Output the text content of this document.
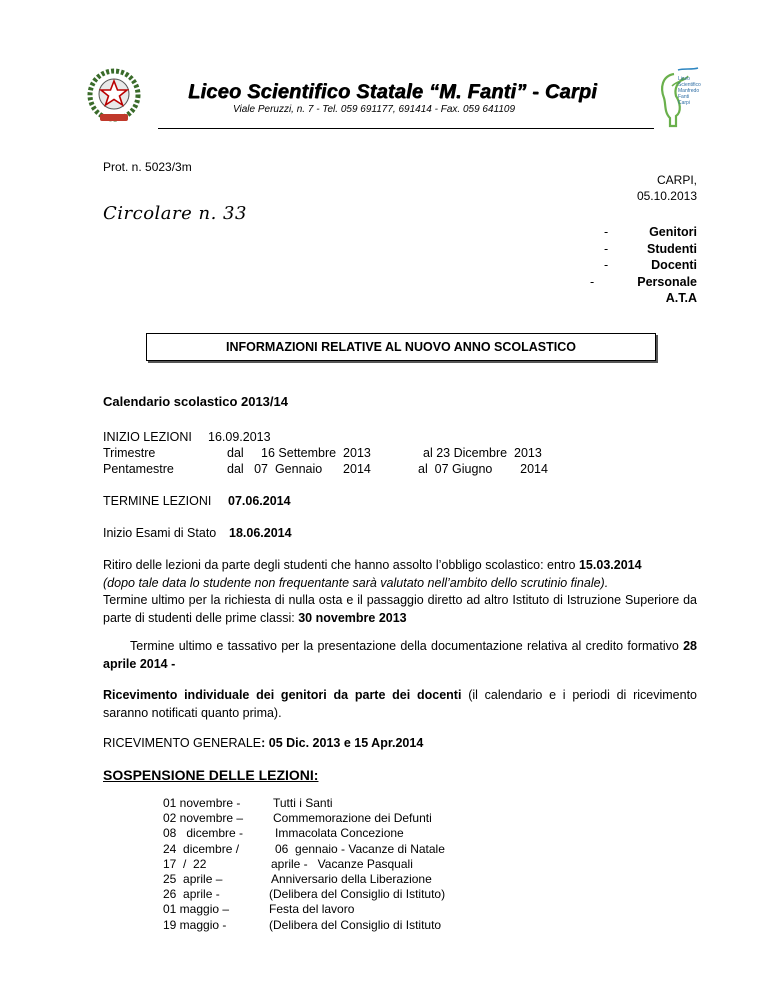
Liceo Scientifico Statale “M. Fanti” - Carpi
Viale Peruzzi, n. 7 - Tel. 059 691177, 691414 - Fax. 059 641109
Liceo
Scientifico
Manfredo
Fanti
Carpi
Prot. n. 5023/3m
CARPI,
05.10.2013
Circolare n. 33
-	Genitori
-	Studenti
-	Docenti
-	Personale
A.T.A
INFORMAZIONI RELATIVE AL NUOVO ANNO SCOLASTICO
Calendario scolastico 2013/14
INIZIO LEZIONI 16.09.2013
Trimestre	dal     16 Settembre  2013	al 23 Dicembre  2013
Pentamestre	dal   07  Gennaio      2014	al  07 Giugno        2014
TERMINE LEZIONI 07.06.2014
Inizio Esami di Stato 18.06.2014
Ritiro delle lezioni da parte degli studenti che hanno assolto l’obbligo scolastico: entro 15.03.2014
(dopo tale data lo studente non frequentante sarà valutato nell’ambito dello scrutinio finale).
Termine ultimo per la richiesta di nulla osta e il passaggio diretto ad altro Istituto di Istruzione Superiore da parte di studenti delle prime classi: 30 novembre 2013
Termine ultimo e tassativo per la presentazione della documentazione relativa al credito formativo 28 aprile 2014 -
Ricevimento individuale dei genitori da parte dei docenti (il calendario e i periodi di ricevimento saranno notificati quanto prima).
RICEVIMENTO GENERALE: 05 Dic. 2013 e 15 Apr.2014
SOSPENSIONE DELLE LEZIONI:
01 novembre -	Tutti i Santi
02 novembre – Commemorazione dei Defunti
08   dicembre -	Immacolata Concezione
24  dicembre /	06  gennaio - Vacanze di Natale
17  /  22	aprile -   Vacanze Pasquali
25  aprile –	Anniversario della Liberazione
26  aprile -	(Delibera del Consiglio di Istituto)
01 maggio –	Festa del lavoro
19 maggio -	(Delibera del Consiglio di Istituto
